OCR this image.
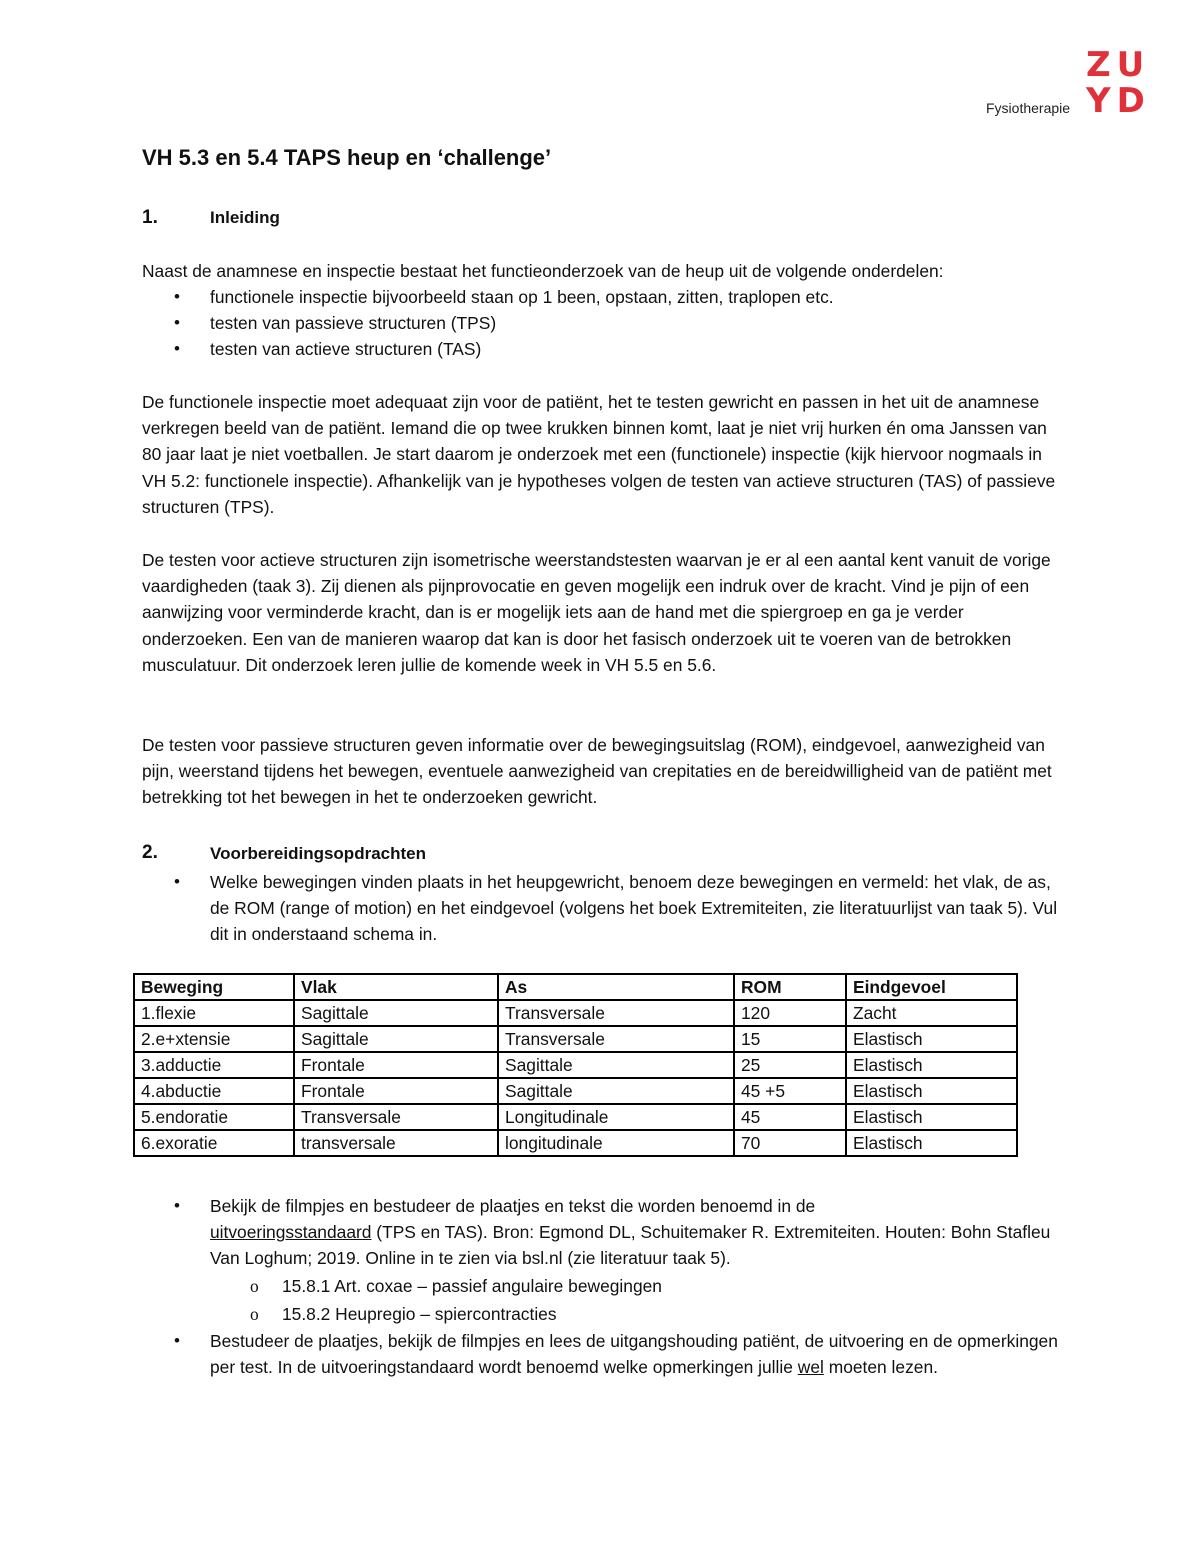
ZU
YD
Fysiotherapie
VH 5.3 en 5.4 TAPS heup en ‘challenge’
1.	Inleiding
Naast de anamnese en inspectie bestaat het functieonderzoek van de heup uit de volgende onderdelen:
• functionele inspectie bijvoorbeeld staan op 1 been, opstaan, zitten, traplopen etc.
• testen van passieve structuren (TPS)
• testen van actieve structuren (TAS)
De functionele inspectie moet adequaat zijn voor de patiënt, het te testen gewricht en passen in het uit de anamnese verkregen beeld van de patiënt. Iemand die op twee krukken binnen komt, laat je niet vrij hurken én oma Janssen van 80 jaar laat je niet voetballen. Je start daarom je onderzoek met een (functionele) inspectie (kijk hiervoor nogmaals in VH 5.2: functionele inspectie). Afhankelijk van je hypotheses volgen de testen van actieve structuren (TAS) of passieve structuren (TPS).
De testen voor actieve structuren zijn isometrische weerstandstesten waarvan je er al een aantal kent vanuit de vorige vaardigheden (taak 3). Zij dienen als pijnprovocatie en geven mogelijk een indruk over de kracht. Vind je pijn of een aanwijzing voor verminderde kracht, dan is er mogelijk iets aan de hand met die spiergroep en ga je verder onderzoeken. Een van de manieren waarop dat kan is door het fasisch onderzoek uit te voeren van de betrokken musculatuur. Dit onderzoek leren jullie de komende week in VH 5.5 en 5.6.
De testen voor passieve structuren geven informatie over de bewegingsuitslag (ROM), eindgevoel, aanwezigheid van pijn, weerstand tijdens het bewegen, eventuele aanwezigheid van crepitaties en de bereidwilligheid van de patiënt met betrekking tot het bewegen in het te onderzoeken gewricht.
2.	Voorbereidingsopdrachten
• Welke bewegingen vinden plaats in het heupgewricht, benoem deze bewegingen en vermeld: het vlak, de as, de ROM (range of motion) en het eindgevoel (volgens het boek Extremiteiten, zie literatuurlijst van taak 5). Vul dit in onderstaand schema in.
Beweging	Vlak	As	ROM	Eindgevoel
1.flexie	Sagittale	Transversale	120	Zacht
2.e+xtensie	Sagittale	Transversale	15	Elastisch
3.adductie	Frontale	Sagittale	25	Elastisch
4.abductie	Frontale	Sagittale	45 +5	Elastisch
5.endoratie	Transversale	Longitudinale	45	Elastisch
6.exoratie	transversale	longitudinale	70	Elastisch
• Bekijk de filmpjes en bestudeer de plaatjes en tekst die worden benoemd in de
uitvoeringsstandaard (TPS en TAS). Bron: Egmond DL, Schuitemaker R. Extremiteiten. Houten: Bohn Stafleu Van Loghum; 2019. Online in te zien via bsl.nl (zie literatuur taak 5).
o 15.8.1 Art. coxae – passief angulaire bewegingen
o 15.8.2 Heupregio – spiercontracties
• Bestudeer de plaatjes, bekijk de filmpjes en lees de uitgangshouding patiënt, de uitvoering en de opmerkingen per test. In de uitvoeringstandaard wordt benoemd welke opmerkingen jullie wel moeten lezen.
